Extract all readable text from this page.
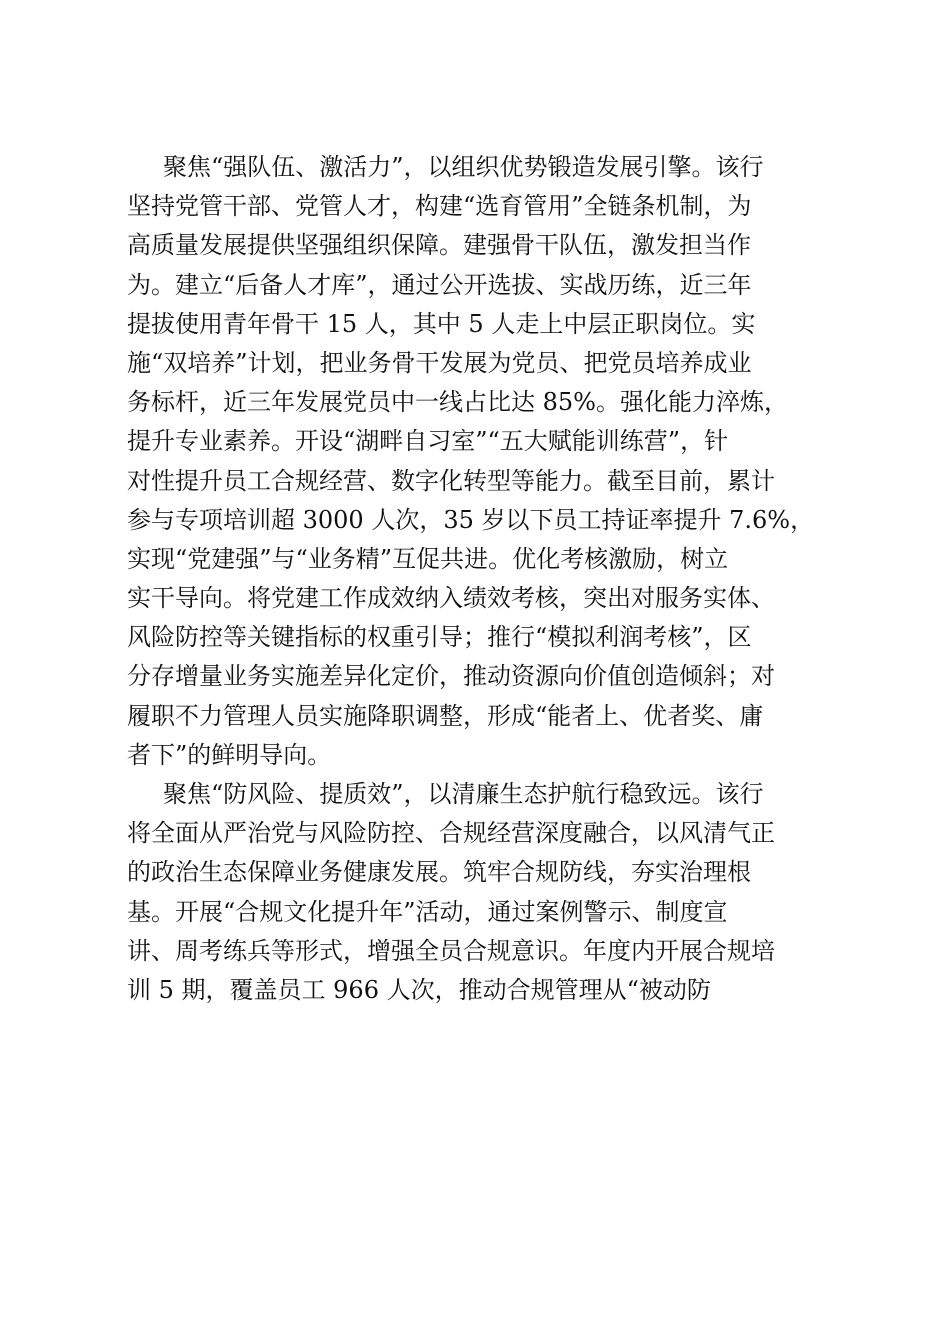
聚焦“强队伍、激活力”，以组织优势锻造发展引擎。该行
坚持党管干部、党管人才，构建“选育管用”全链条机制，为
高质量发展提供坚强组织保障。建强骨干队伍，激发担当作
为。建立“后备人才库”，通过公开选拔、实战历练，近三年
提拔使用青年骨干 15 人，其中 5 人走上中层正职岗位。实
施“双培养”计划，把业务骨干发展为党员、把党员培养成业
务标杆，近三年发展党员中一线占比达 85%。强化能力淬炼，
提升专业素养。开设“湖畔自习室”“五大赋能训练营”，针
对性提升员工合规经营、数字化转型等能力。截至目前，累计
参与专项培训超 3000 人次，35 岁以下员工持证率提升 7.6%，
实现“党建强”与“业务精”互促共进。优化考核激励，树立
实干导向。将党建工作成效纳入绩效考核，突出对服务实体、
风险防控等关键指标的权重引导；推行“模拟利润考核”，区
分存增量业务实施差异化定价，推动资源向价值创造倾斜；对
履职不力管理人员实施降职调整，形成“能者上、优者奖、庸
者下”的鲜明导向。
聚焦“防风险、提质效”，以清廉生态护航行稳致远。该行
将全面从严治党与风险防控、合规经营深度融合，以风清气正
的政治生态保障业务健康发展。筑牢合规防线，夯实治理根
基。开展“合规文化提升年”活动，通过案例警示、制度宣
讲、周考练兵等形式，增强全员合规意识。年度内开展合规培
训 5 期，覆盖员工 966 人次，推动合规管理从“被动防
